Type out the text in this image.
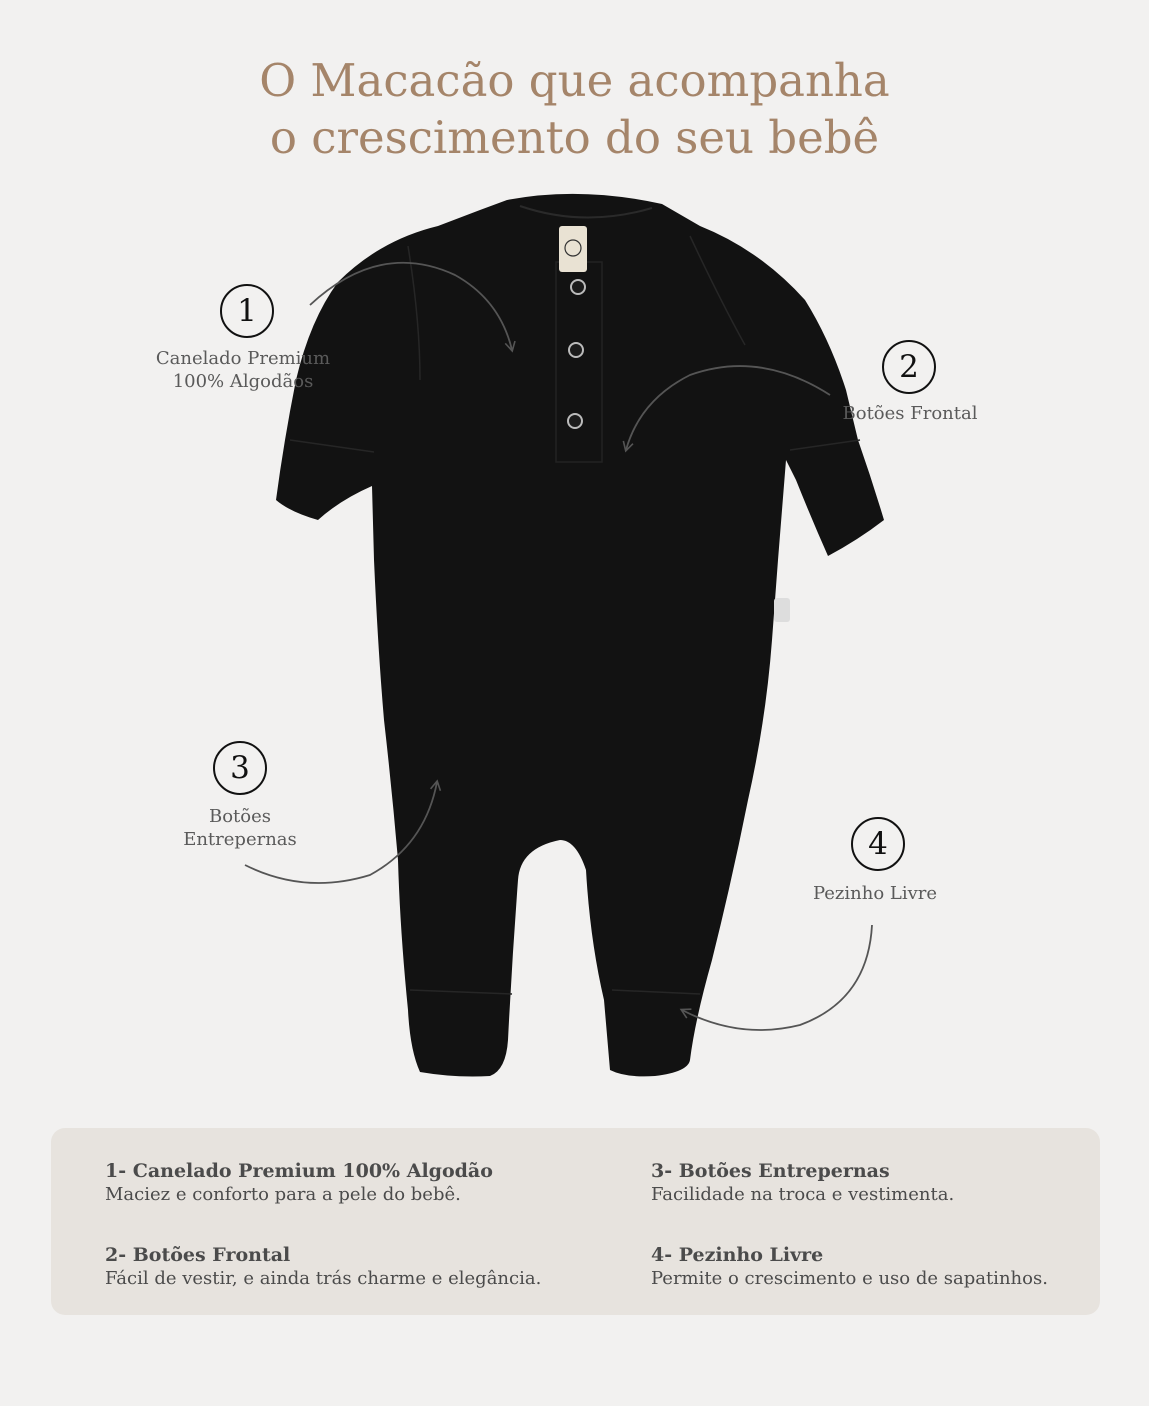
O Macacão que acompanha
o crescimento do seu bebê
1
Canelado Premium
100% Algodãos	2
Botões Frontal
3
Botões
Entrepernas	4
Pezinho Livre
1- Canelado Premium 100% Algodão
Maciez e conforto para a pele do bebê.
2- Botões Frontal
Fácil de vestir, e ainda trás charme e elegância.
3- Botões Entrepernas
Facilidade na troca e vestimenta.
4- Pezinho Livre
Permite o crescimento e uso de sapatinhos.
